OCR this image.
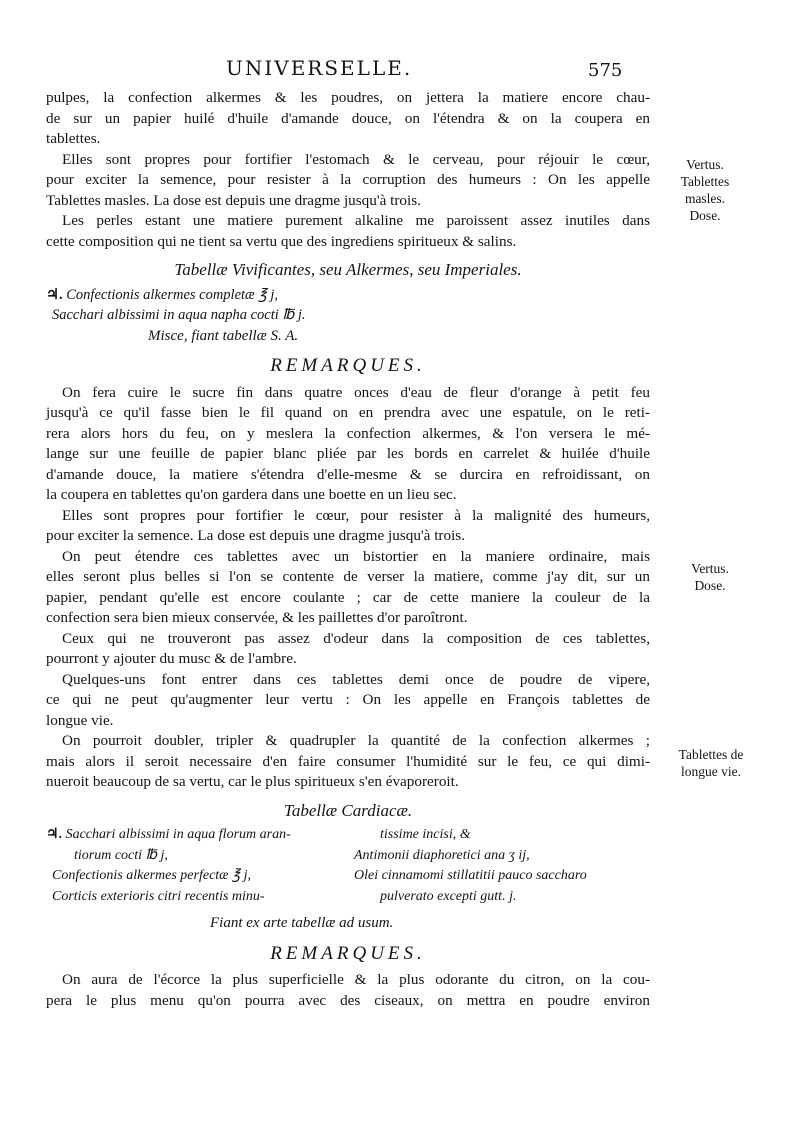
UNIVERSELLE.	575
pulpes, la confection alkermes & les poudres, on jettera la matiere encore chau-
de sur un papier huilé d'huile d'amande douce, on l'étendra & on la coupera en
tablettes.
Elles sont propres pour fortifier l'estomach & le cerveau, pour réjouir le cœur,
pour exciter la semence, pour resister à la corruption des humeurs : On les appelle
Tablettes masles. La dose est depuis une dragme jusqu'à trois.
Les perles estant une matiere purement alkaline me paroissent assez inutiles dans
cette composition qui ne tient sa vertu que des ingrediens spiritueux & salins.
Tabellæ Vivificantes, seu Alkermes, seu Imperiales.
♃. Confectionis alkermes completæ ℥ j,
Sacchari albissimi in aqua napha cocti ℔ j.
Misce, fiant tabellæ S. A.
REMARQUES.
On fera cuire le sucre fin dans quatre onces d'eau de fleur d'orange à petit feu
jusqu'à ce qu'il fasse bien le fil quand on en prendra avec une espatule, on le reti-
rera alors hors du feu, on y meslera la confection alkermes, & l'on versera le mé-
lange sur une feuille de papier blanc pliée par les bords en carrelet & huilée d'huile
d'amande douce, la matiere s'étendra d'elle-mesme & se durcira en refroidissant, on
la coupera en tablettes qu'on gardera dans une boette en un lieu sec.
Elles sont propres pour fortifier le cœur, pour resister à la malignité des humeurs,
pour exciter la semence. La dose est depuis une dragme jusqu'à trois.
On peut étendre ces tablettes avec un bistortier en la maniere ordinaire, mais
elles seront plus belles si l'on se contente de verser la matiere, comme j'ay dit, sur un
papier, pendant qu'elle est encore coulante ; car de cette maniere la couleur de la
confection sera bien mieux conservée, & les paillettes d'or paroîtront.
Ceux qui ne trouveront pas assez d'odeur dans la composition de ces tablettes,
pourront y ajouter du musc & de l'ambre.
Quelques-uns font entrer dans ces tablettes demi once de poudre de vipere,
ce qui ne peut qu'augmenter leur vertu : On les appelle en François tablettes de
longue vie.
On pourroit doubler, tripler & quadrupler la quantité de la confection alkermes ;
mais alors il seroit necessaire d'en faire consumer l'humidité sur le feu, ce qui dimi-
nueroit beaucoup de sa vertu, car le plus spiritueux s'en évaporeroit.
Tabellæ Cardiacæ.
♃. Sacchari albissimi in aqua florum aran-
tiorum cocti ℔ j,
Confectionis alkermes perfectæ ℥ j,
Corticis exterioris citri recentis minu-
tissime incisi, &
Antimonii diaphoretici ana ʒ ij,
Olei cinnamomi stillatitii pauco sacchar⁠o
pulverato excepti gutt. j.
Fiant ex arte tabellæ ad usum.
REMARQUES.
On aura de l'écorce la plus superficielle & la plus odorante du citron, on la cou-
pera le plus menu qu'on pourra avec des ciseaux, on mettra en poudre environ
Vertus.
Tablettes
masles.
Dose.
Vertus.
Dose.
Tablettes de
longue vie.
